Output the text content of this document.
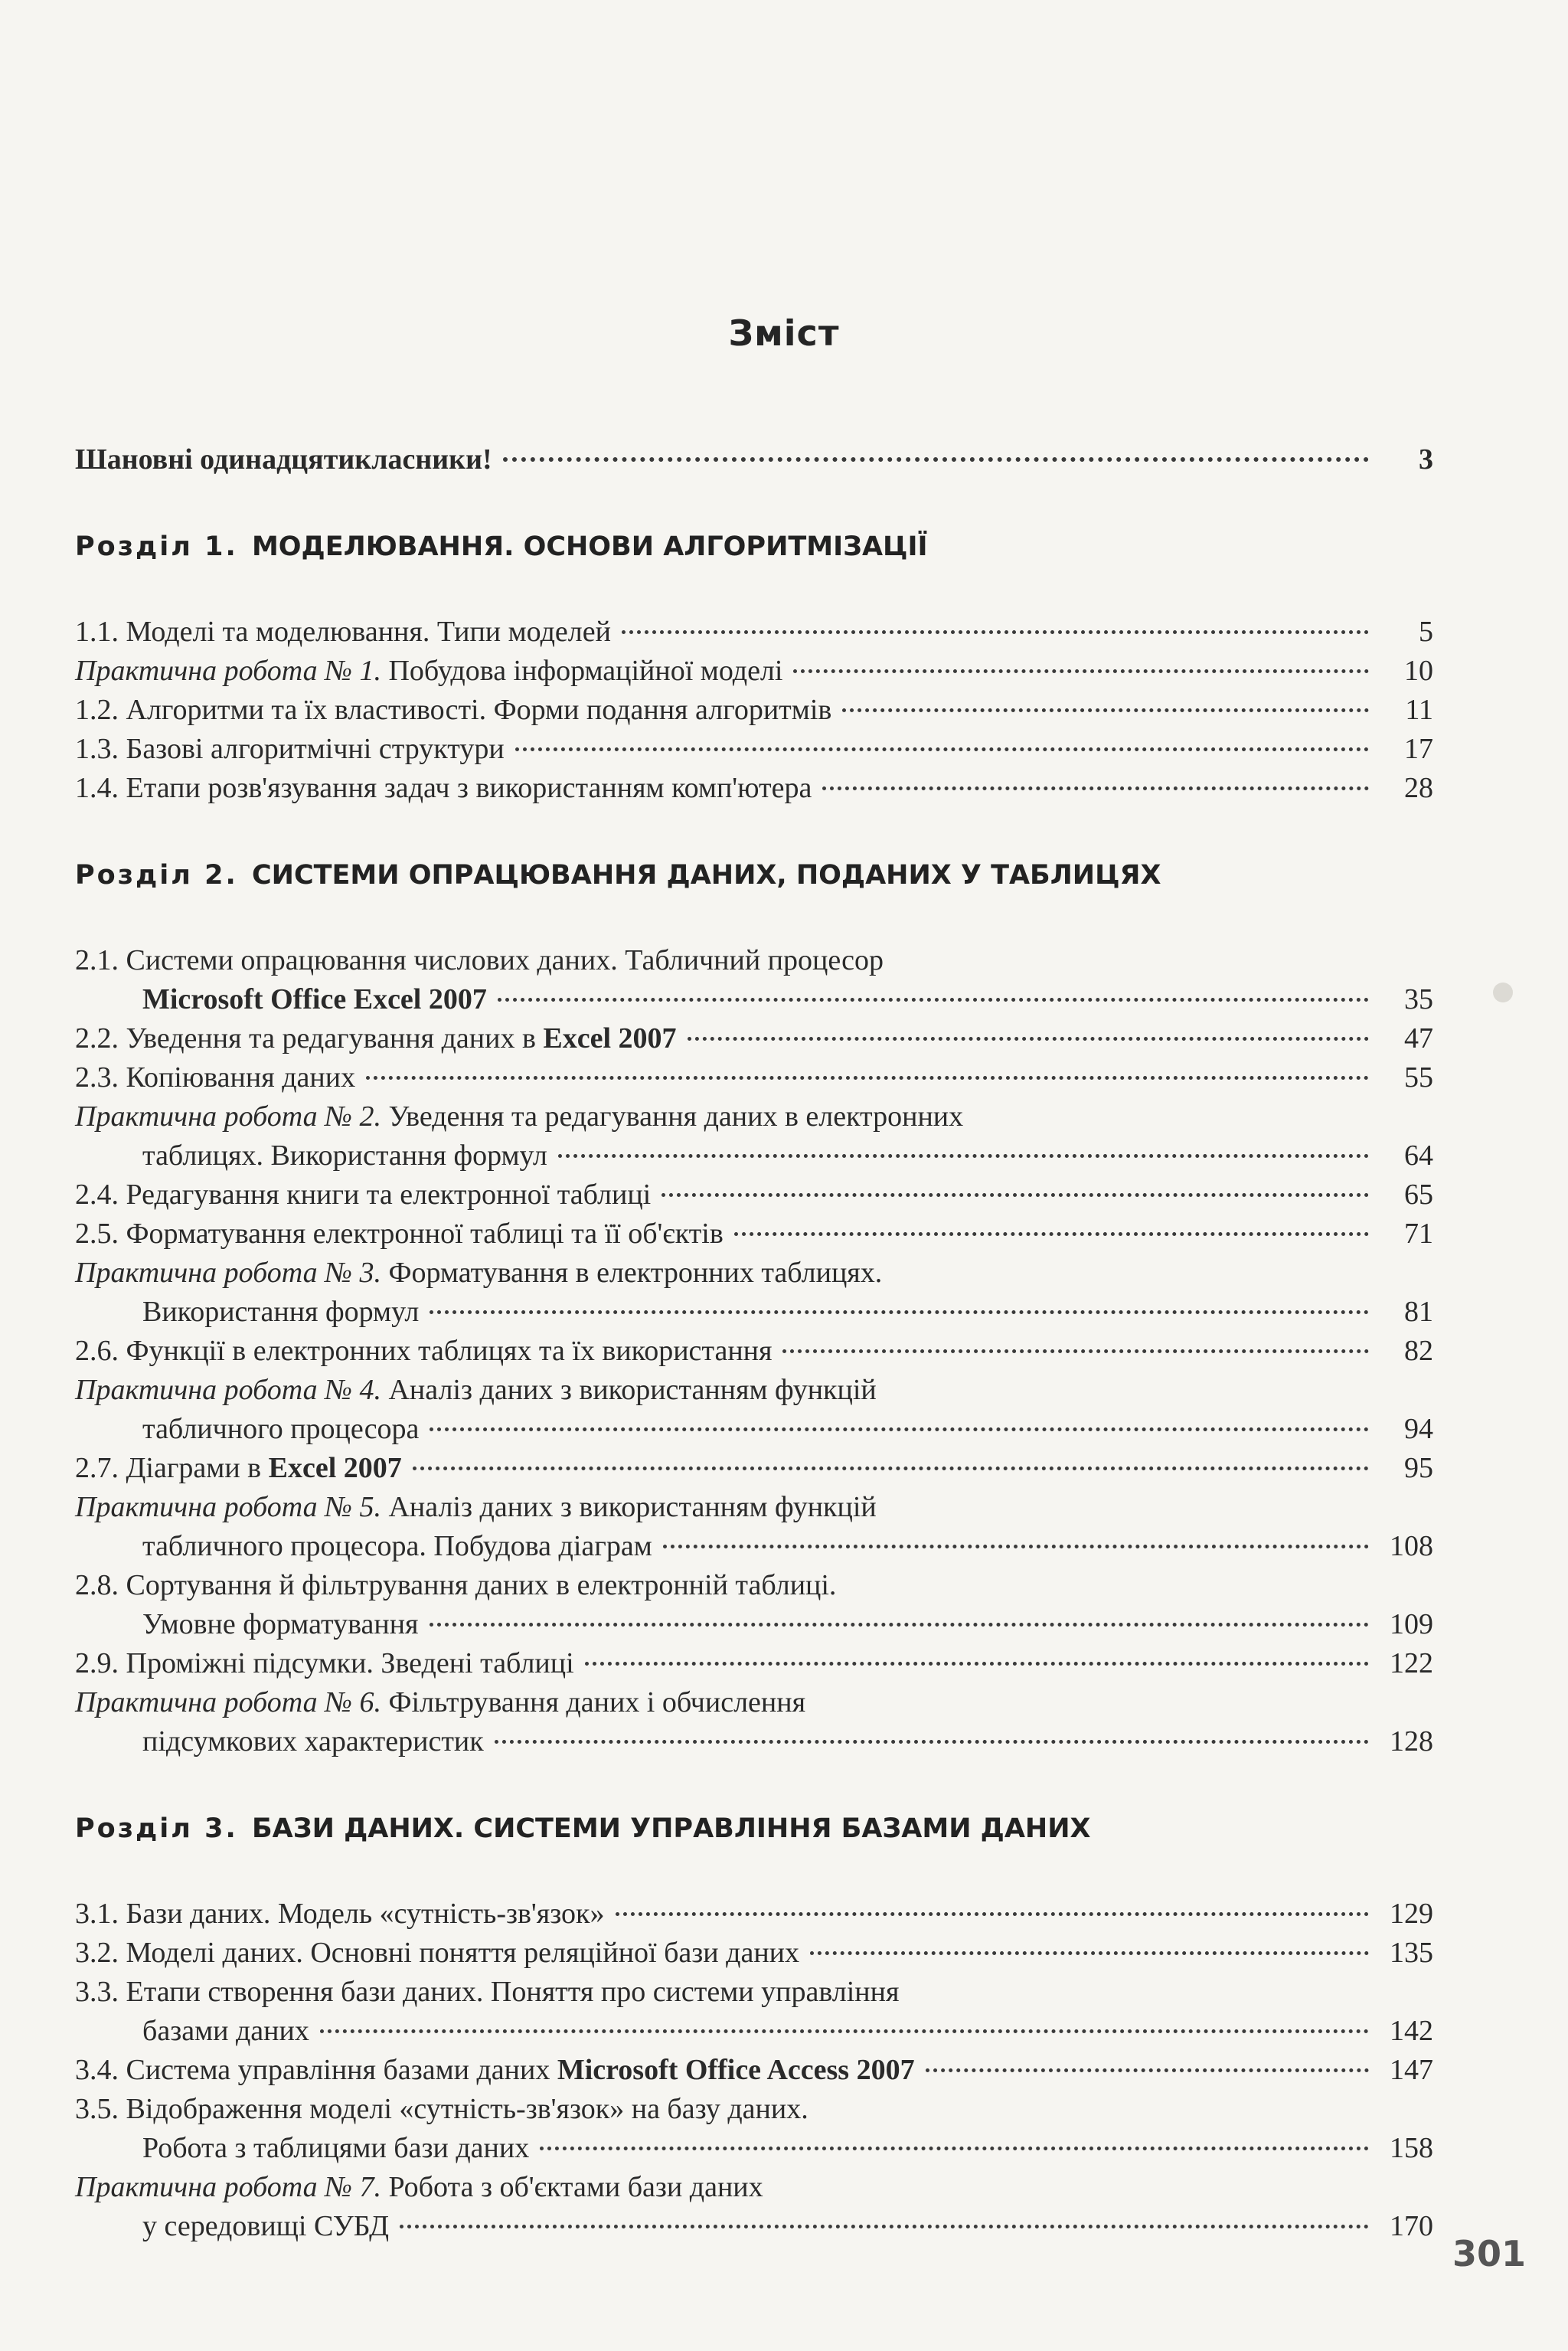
Зміст
Шановні одинадцятикласники!	3
Розділ 1. МОДЕЛЮВАННЯ. ОСНОВИ АЛГОРИТМІЗАЦІЇ
1.1. Моделі та моделювання. Типи моделей	5
Практична робота № 1. Побудова інформаційної моделі	10
1.2. Алгоритми та їх властивості. Форми подання алгоритмів	11
1.3. Базові алгоритмічні структури	17
1.4. Етапи розв'язування задач з використанням комп'ютера	28
Розділ 2. СИСТЕМИ ОПРАЦЮВАННЯ ДАНИХ, ПОДАНИХ У ТАБЛИЦЯХ
2.1. Системи опрацювання числових даних. Табличний процесор
Microsoft Office Excel 2007	35
2.2. Уведення та редагування даних в Excel 2007	47
2.3. Копіювання даних	55
Практична робота № 2. Уведення та редагування даних в електронних
таблицях. Використання формул	64
2.4. Редагування книги та електронної таблиці	65
2.5. Форматування електронної таблиці та її об'єктів	71
Практична робота № 3. Форматування в електронних таблицях.
Використання формул	81
2.6. Функції в електронних таблицях та їх використання	82
Практична робота № 4. Аналіз даних з використанням функцій
табличного процесора	94
2.7. Діаграми в Excel 2007	95
Практична робота № 5. Аналіз даних з використанням функцій
табличного процесора. Побудова діаграм	108
2.8. Сортування й фільтрування даних в електронній таблиці.
Умовне форматування	109
2.9. Проміжні підсумки. Зведені таблиці	122
Практична робота № 6. Фільтрування даних і обчислення
підсумкових характеристик	128
Розділ 3. БАЗИ ДАНИХ. СИСТЕМИ УПРАВЛІННЯ БАЗАМИ ДАНИХ
3.1. Бази даних. Модель «сутність-зв'язок»	129
3.2. Моделі даних. Основні поняття реляційної бази даних	135
3.3. Етапи створення бази даних. Поняття про системи управління
базами даних	142
3.4. Система управління базами даних Microsoft Office Access 2007	147
3.5. Відображення моделі «сутність-зв'язок» на базу даних.
Робота з таблицями бази даних	158
Практична робота № 7. Робота з об'єктами бази даних
у середовищі СУБД	170
301
